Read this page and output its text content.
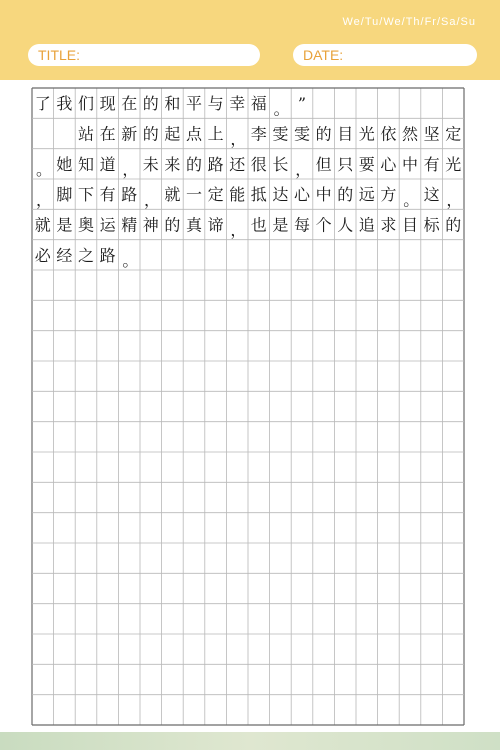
We/Tu/We/Th/Fr/Sa/Su
TITLE:	DATE:
了 我 们 现 在 的 和 平 与 幸 福 。 ”
站 在 新 的 起 点 上 ， 李 雯 雯 的 目 光 依 然 坚 定
。 她 知 道 ， 未 来 的 路 还 很 长 ， 但 只 要 心 中 有 光
， 脚 下 有 路 ， 就 一 定 能 抵 达 心 中 的 远 方 。 这 ，
就 是 奥 运 精 神 的 真 谛 ， 也 是 每 个 人 追 求 目 标 的
必 经 之 路 。
